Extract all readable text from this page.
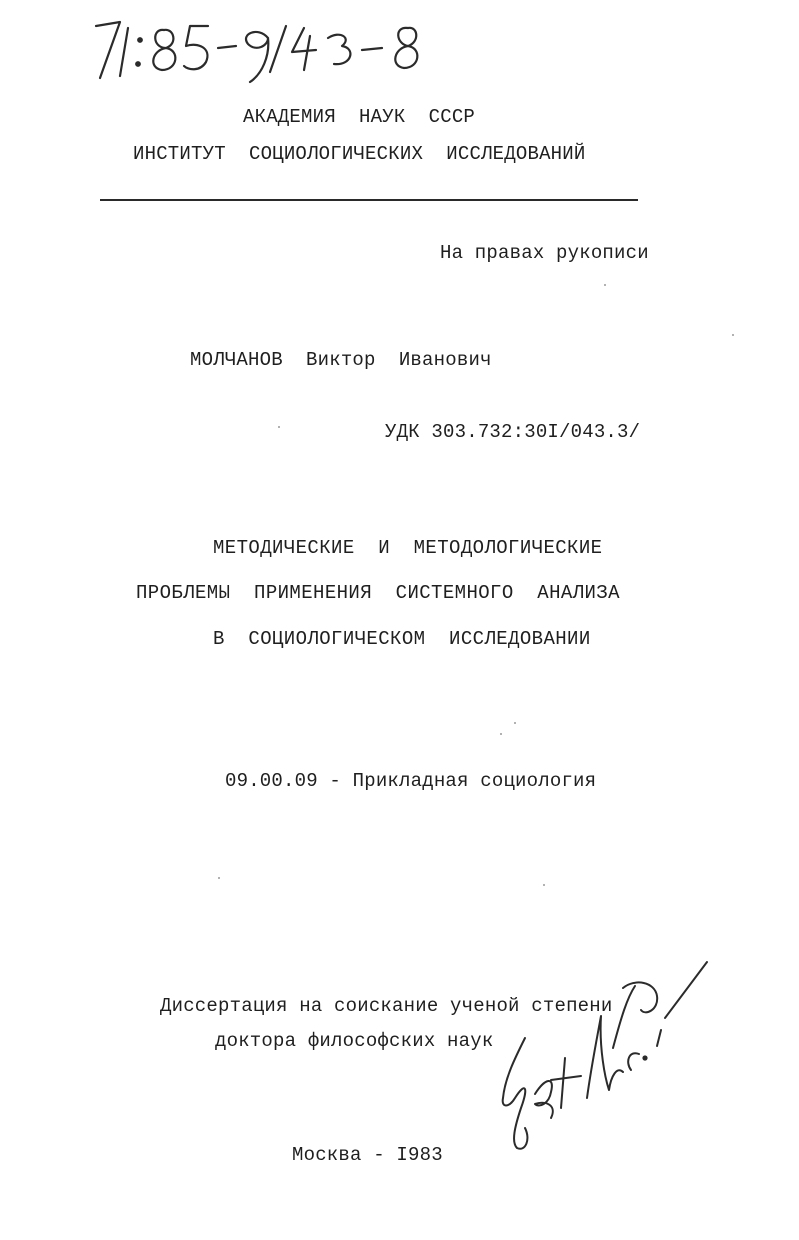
АКАДЕМИЯ  НАУК  СССР
ИНСТИТУТ  СОЦИОЛОГИЧЕСКИХ  ИССЛЕДОВАНИЙ
На правах рукописи
МОЛЧАНОВ  Виктор  Иванович
УДК 303.732:30I/043.3/
МЕТОДИЧЕСКИЕ  И  МЕТОДОЛОГИЧЕСКИЕ
ПРОБЛЕМЫ  ПРИМЕНЕНИЯ  СИСТЕМНОГО  АНАЛИЗА
В  СОЦИОЛОГИЧЕСКОМ  ИССЛЕДОВАНИИ
09.00.09 - Прикладная социология
Диссертация на соискание ученой степени
доктора философских наук
Москва - I983
